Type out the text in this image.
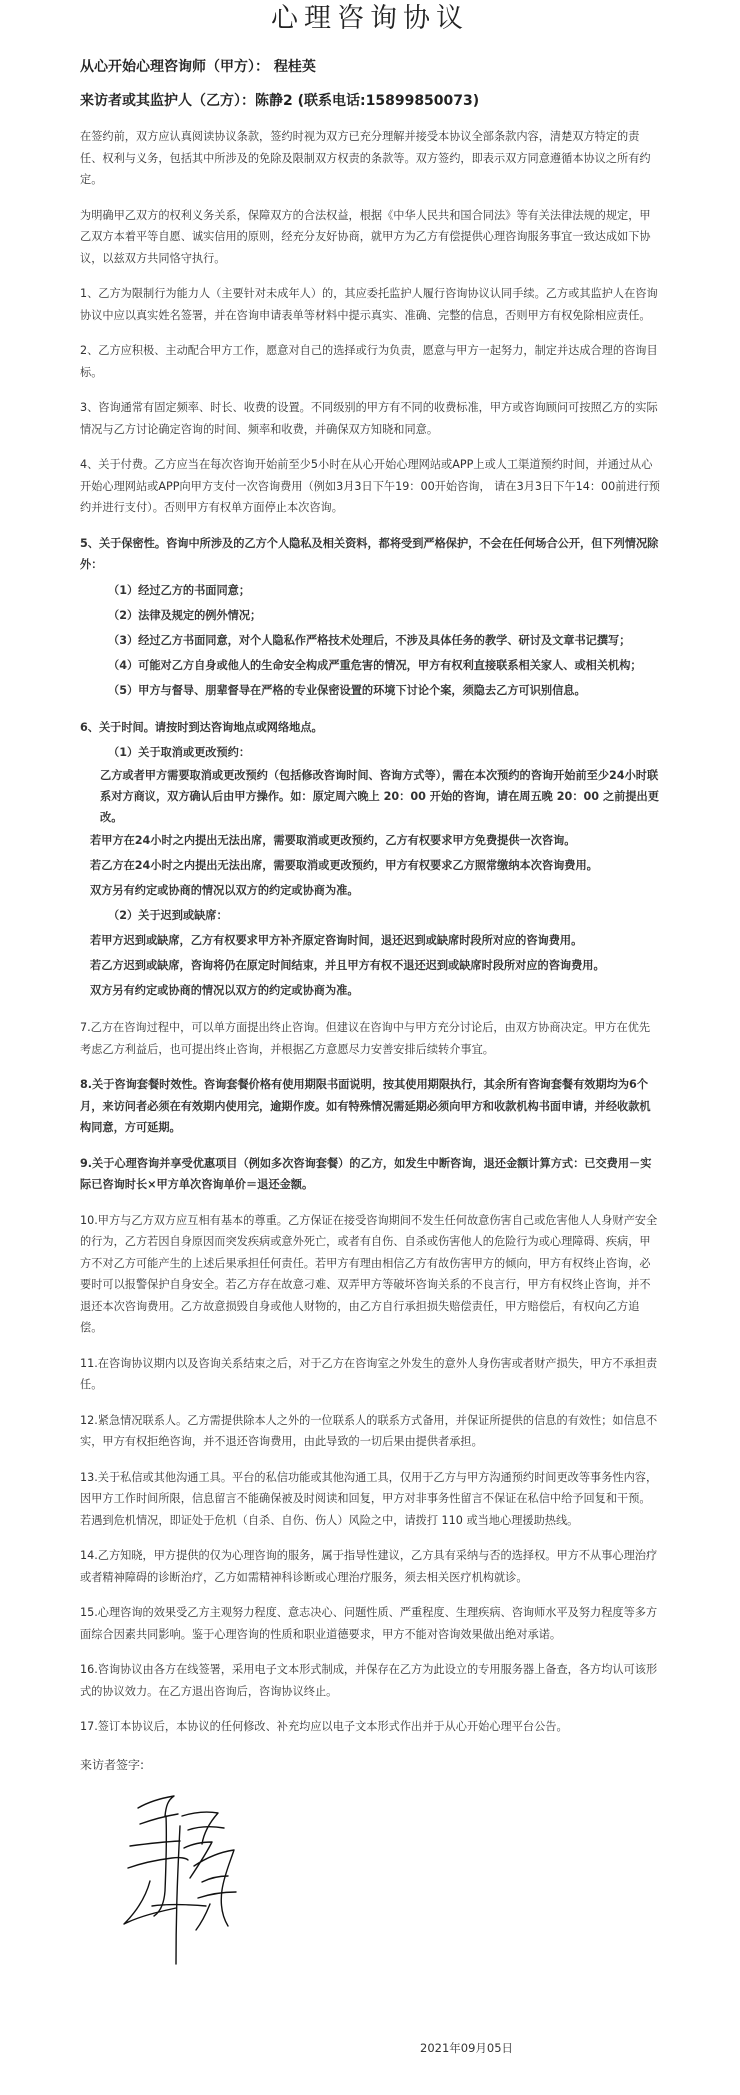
心理咨询协议

从心开始心理咨询师（甲方）： 程桂英

来访者或其监护人（乙方）：陈静2 (联系电话:15899850073)

在签约前，双方应认真阅读协议条款，签约时视为双方已充分理解并接受本协议全部条款内容，清楚双方特定的责任、权利与义务，包括其中所涉及的免除及限制双方权责的条款等。双方签约，即表示双方同意遵循本协议之所有约定。

为明确甲乙双方的权利义务关系，保障双方的合法权益，根据《中华人民共和国合同法》等有关法律法规的规定，甲乙双方本着平等自愿、诚实信用的原则，经充分友好协商，就甲方为乙方有偿提供心理咨询服务事宜一致达成如下协议，以兹双方共同恪守执行。

1、乙方为限制行为能力人（主要针对未成年人）的，其应委托监护人履行咨询协议认同手续。乙方或其监护人在咨询协议中应以真实姓名签署，并在咨询申请表单等材料中提示真实、准确、完整的信息，否则甲方有权免除相应责任。

2、乙方应积极、主动配合甲方工作，愿意对自己的选择或行为负责，愿意与甲方一起努力，制定并达成合理的咨询目标。

3、咨询通常有固定频率、时长、收费的设置。不同级别的甲方有不同的收费标准，甲方或咨询顾问可按照乙方的实际情况与乙方讨论确定咨询的时间、频率和收费，并确保双方知晓和同意。

4、关于付费。乙方应当在每次咨询开始前至少5小时在从心开始心理网站或APP上或人工渠道预约时间，并通过从心开始心理网站或APP向甲方支付一次咨询费用（例如3月3日下午19：00开始咨询， 请在3月3日下午14：00前进行预约并进行支付）。否则甲方有权单方面停止本次咨询。

5、关于保密性。咨询中所涉及的乙方个人隐私及相关资料，都将受到严格保护，不会在任何场合公开，但下列情况除外：

（1）经过乙方的书面同意；

（2）法律及规定的例外情况；

（3）经过乙方书面同意，对个人隐私作严格技术处理后，不涉及具体任务的教学、研讨及文章书记撰写；

（4）可能对乙方自身或他人的生命安全构成严重危害的情况，甲方有权利直接联系相关家人、或相关机构；

（5）甲方与督导、朋辈督导在严格的专业保密设置的环境下讨论个案，须隐去乙方可识别信息。

6、关于时间。请按时到达咨询地点或网络地点。

（1）关于取消或更改预约：

乙方或者甲方需要取消或更改预约（包括修改咨询时间、咨询方式等），需在本次预约的咨询开始前至少24小时联系对方商议，双方确认后由甲方操作。如：原定周六晚上 20：00 开始的咨询，请在周五晚 20：00 之前提出更改。

若甲方在24小时之内提出无法出席，需要取消或更改预约，乙方有权要求甲方免费提供一次咨询。

若乙方在24小时之内提出无法出席，需要取消或更改预约，甲方有权要求乙方照常缴纳本次咨询费用。

双方另有约定或协商的情况以双方的约定或协商为准。

（2）关于迟到或缺席：

若甲方迟到或缺席，乙方有权要求甲方补齐原定咨询时间，退还迟到或缺席时段所对应的咨询费用。

若乙方迟到或缺席，咨询将仍在原定时间结束，并且甲方有权不退还迟到或缺席时段所对应的咨询费用。

双方另有约定或协商的情况以双方的约定或协商为准。

7.乙方在咨询过程中，可以单方面提出终止咨询。但建议在咨询中与甲方充分讨论后，由双方协商决定。甲方在优先考虑乙方利益后，也可提出终止咨询，并根据乙方意愿尽力安善安排后续转介事宜。

8.关于咨询套餐时效性。咨询套餐价格有使用期限书面说明，按其使用期限执行，其余所有咨询套餐有效期均为6个月，来访问者必须在有效期内使用完，逾期作废。如有特殊情况需延期必须向甲方和收款机构书面申请，并经收款机构同意，方可延期。

9.关于心理咨询并享受优惠项目（例如多次咨询套餐）的乙方，如发生中断咨询，退还金额计算方式：已交费用－实际已咨询时长×甲方单次咨询单价＝退还金额。

10.甲方与乙方双方应互相有基本的尊重。乙方保证在接受咨询期间不发生任何故意伤害自己或危害他人人身财产安全的行为，乙方若因自身原因而突发疾病或意外死亡，或者有自伤、自杀或伤害他人的危险行为或心理障碍、疾病，甲方不对乙方可能产生的上述后果承担任何责任。若甲方有理由相信乙方有故伤害甲方的倾向，甲方有权终止咨询，必要时可以报警保护自身安全。若乙方存在故意刁难、双弄甲方等破坏咨询关系的不良言行，甲方有权终止咨询，并不退还本次咨询费用。乙方故意损毁自身或他人财物的，由乙方自行承担损失赔偿责任，甲方赔偿后，有权向乙方追偿。

11.在咨询协议期内以及咨询关系结束之后，对于乙方在咨询室之外发生的意外人身伤害或者财产损失，甲方不承担责任。

12.紧急情况联系人。乙方需提供除本人之外的一位联系人的联系方式备用，并保证所提供的信息的有效性；如信息不实，甲方有权拒绝咨询，并不退还咨询费用，由此导致的一切后果由提供者承担。

13.关于私信或其他沟通工具。平台的私信功能或其他沟通工具，仅用于乙方与甲方沟通预约时间更改等事务性内容，因甲方工作时间所限，信息留言不能确保被及时阅读和回复，甲方对非事务性留言不保证在私信中给予回复和干预。若遇到危机情况，即证处于危机（自杀、自伤、伤人）风险之中，请拨打 110 或当地心理援助热线。

14.乙方知晓，甲方提供的仅为心理咨询的服务，属于指导性建议，乙方具有采纳与否的选择权。甲方不从事心理治疗或者精神障碍的诊断治疗，乙方如需精神科诊断或心理治疗服务，须去相关医疗机构就诊。

15.心理咨询的效果受乙方主观努力程度、意志决心、问题性质、严重程度、生理疾病、咨询师水平及努力程度等多方面综合因素共同影响。鉴于心理咨询的性质和职业道德要求，甲方不能对咨询效果做出绝对承诺。

16.咨询协议由各方在线签署，采用电子文本形式制成，并保存在乙方为此设立的专用服务器上备查，各方均认可该形式的协议效力。在乙方退出咨询后，咨询协议终止。

17.签订本协议后，本协议的任何修改、补充均应以电子文本形式作出并于从心开始心理平台公告。

来访者签字:

2021年09月05日
